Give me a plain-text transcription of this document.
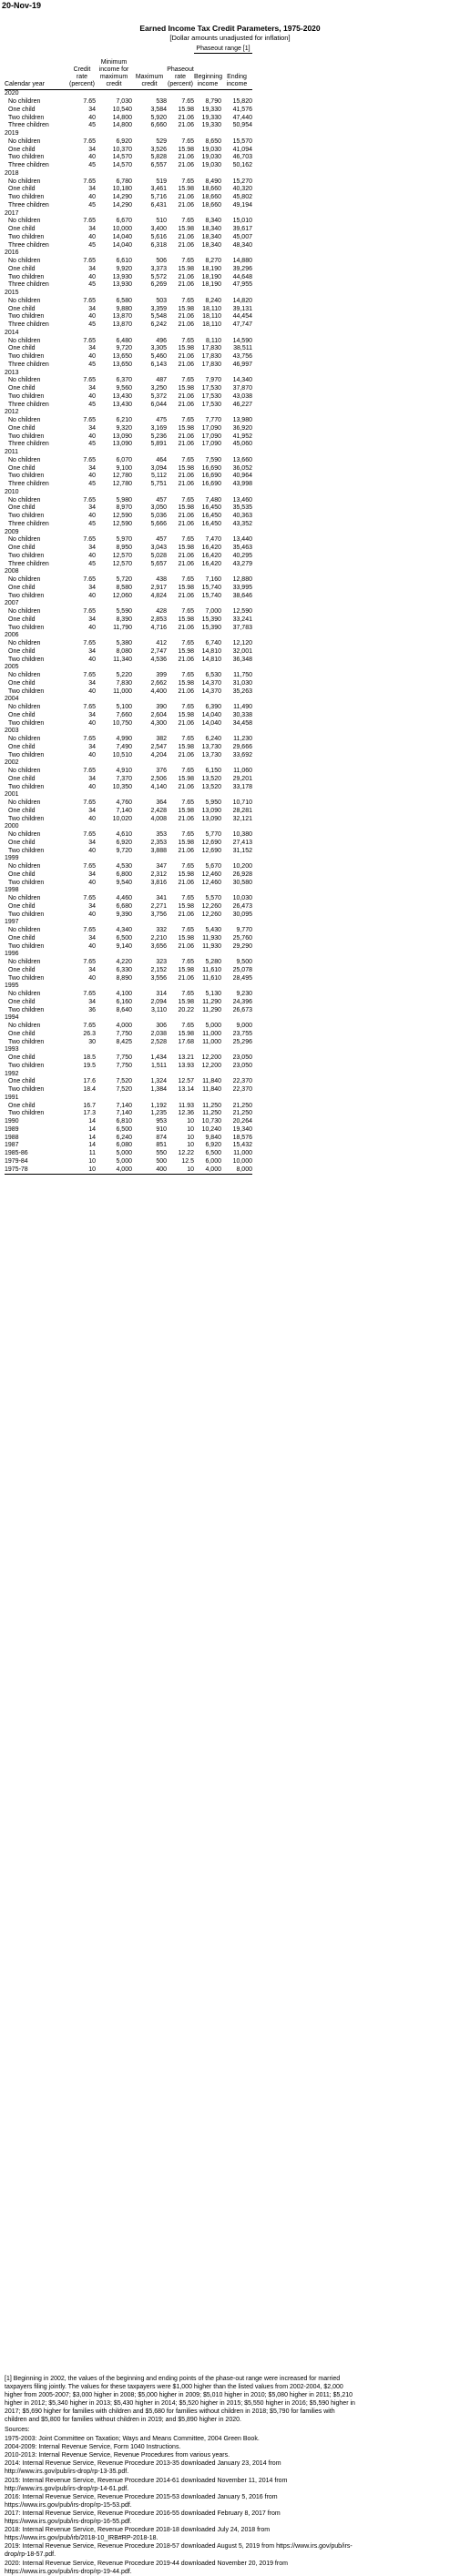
20-Nov-19
Earned Income Tax Credit Parameters, 1975-2020
[Dollar amounts unadjusted for inflation]
					Phaseout range [1]	
Calendar year	Credit rate (percent)	Minimum income for maximum credit	Maximum credit	Phaseout rate (percent)	Beginning income	Ending income
2020						
No children	7.65	7,030	538	7.65	8,790	15,820
One child	34	10,540	3,584	15.98	19,330	41,576
Two children	40	14,800	5,920	21.06	19,330	47,440
Three children	45	14,800	6,660	21.06	19,330	50,954
2019						
No children	7.65	6,920	529	7.65	8,650	15,570
One child	34	10,370	3,526	15.98	19,030	41,094
Two children	40	14,570	5,828	21.06	19,030	46,703
Three children	45	14,570	6,557	21.06	19,030	50,162
2018						
No children	7.65	6,780	519	7.65	8,490	15,270
One child	34	10,180	3,461	15.98	18,660	40,320
Two children	40	14,290	5,716	21.06	18,660	45,802
Three children	45	14,290	6,431	21.06	18,660	49,194
2017						
No children	7.65	6,670	510	7.65	8,340	15,010
One child	34	10,000	3,400	15.98	18,340	39,617
Two children	40	14,040	5,616	21.06	18,340	45,007
Three children	45	14,040	6,318	21.06	18,340	48,340
2016						
No children	7.65	6,610	506	7.65	8,270	14,880
One child	34	9,920	3,373	15.98	18,190	39,296
Two children	40	13,930	5,572	21.06	18,190	44,648
Three children	45	13,930	6,269	21.06	18,190	47,955
2015						
No children	7.65	6,580	503	7.65	8,240	14,820
One child	34	9,880	3,359	15.98	18,110	39,131
Two children	40	13,870	5,548	21.06	18,110	44,454
Three children	45	13,870	6,242	21.06	18,110	47,747
2014						
No children	7.65	6,480	496	7.65	8,110	14,590
One child	34	9,720	3,305	15.98	17,830	38,511
Two children	40	13,650	5,460	21.06	17,830	43,756
Three children	45	13,650	6,143	21.06	17,830	46,997
2013						
No children	7.65	6,370	487	7.65	7,970	14,340
One child	34	9,560	3,250	15.98	17,530	37,870
Two children	40	13,430	5,372	21.06	17,530	43,038
Three children	45	13,430	6,044	21.06	17,530	46,227
2012						
No children	7.65	6,210	475	7.65	7,770	13,980
One child	34	9,320	3,169	15.98	17,090	36,920
Two children	40	13,090	5,236	21.06	17,090	41,952
Three children	45	13,090	5,891	21.06	17,090	45,060
2011						
No children	7.65	6,070	464	7.65	7,590	13,660
One child	34	9,100	3,094	15.98	16,690	36,052
Two children	40	12,780	5,112	21.06	16,690	40,964
Three children	45	12,780	5,751	21.06	16,690	43,998
2010						
No children	7.65	5,980	457	7.65	7,480	13,460
One child	34	8,970	3,050	15.98	16,450	35,535
Two children	40	12,590	5,036	21.06	16,450	40,363
Three children	45	12,590	5,666	21.06	16,450	43,352
2009						
No children	7.65	5,970	457	7.65	7,470	13,440
One child	34	8,950	3,043	15.98	16,420	35,463
Two children	40	12,570	5,028	21.06	16,420	40,295
Three children	45	12,570	5,657	21.06	16,420	43,279
2008						
No children	7.65	5,720	438	7.65	7,160	12,880
One child	34	8,580	2,917	15.98	15,740	33,995
Two children	40	12,060	4,824	21.06	15,740	38,646
2007						
No children	7.65	5,590	428	7.65	7,000	12,590
One child	34	8,390	2,853	15.98	15,390	33,241
Two children	40	11,790	4,716	21.06	15,390	37,783
2006						
No children	7.65	5,380	412	7.65	6,740	12,120
One child	34	8,080	2,747	15.98	14,810	32,001
Two children	40	11,340	4,536	21.06	14,810	36,348
2005						
No children	7.65	5,220	399	7.65	6,530	11,750
One child	34	7,830	2,662	15.98	14,370	31,030
Two children	40	11,000	4,400	21.06	14,370	35,263
2004						
No children	7.65	5,100	390	7.65	6,390	11,490
One child	34	7,660	2,604	15.98	14,040	30,338
Two children	40	10,750	4,300	21.06	14,040	34,458
2003						
No children	7.65	4,990	382	7.65	6,240	11,230
One child	34	7,490	2,547	15.98	13,730	29,666
Two children	40	10,510	4,204	21.06	13,730	33,692
2002						
No children	7.65	4,910	376	7.65	6,150	11,060
One child	34	7,370	2,506	15.98	13,520	29,201
Two children	40	10,350	4,140	21.06	13,520	33,178
2001						
No children	7.65	4,760	364	7.65	5,950	10,710
One child	34	7,140	2,428	15.98	13,090	28,281
Two children	40	10,020	4,008	21.06	13,090	32,121
2000						
No children	7.65	4,610	353	7.65	5,770	10,380
One child	34	6,920	2,353	15.98	12,690	27,413
Two children	40	9,720	3,888	21.06	12,690	31,152
1999						
No children	7.65	4,530	347	7.65	5,670	10,200
One child	34	6,800	2,312	15.98	12,460	26,928
Two children	40	9,540	3,816	21.06	12,460	30,580
1998						
No children	7.65	4,460	341	7.65	5,570	10,030
One child	34	6,680	2,271	15.98	12,260	26,473
Two children	40	9,390	3,756	21.06	12,260	30,095
1997						
No children	7.65	4,340	332	7.65	5,430	9,770
One child	34	6,500	2,210	15.98	11,930	25,760
Two children	40	9,140	3,656	21.06	11,930	29,290
1996						
No children	7.65	4,220	323	7.65	5,280	9,500
One child	34	6,330	2,152	15.98	11,610	25,078
Two children	40	8,890	3,556	21.06	11,610	28,495
1995						
No children	7.65	4,100	314	7.65	5,130	9,230
One child	34	6,160	2,094	15.98	11,290	24,396
Two children	36	8,640	3,110	20.22	11,290	26,673
1994						
No children	7.65	4,000	306	7.65	5,000	9,000
One child	26.3	7,750	2,038	15.98	11,000	23,755
Two children	30	8,425	2,528	17.68	11,000	25,296
1993						
One child	18.5	7,750	1,434	13.21	12,200	23,050
Two children	19.5	7,750	1,511	13.93	12,200	23,050
1992						
One child	17.6	7,520	1,324	12.57	11,840	22,370
Two children	18.4	7,520	1,384	13.14	11,840	22,370
1991						
One child	16.7	7,140	1,192	11.93	11,250	21,250
Two children	17.3	7,140	1,235	12.36	11,250	21,250
1990	14	6,810	953	10	10,730	20,264
1989	14	6,500	910	10	10,240	19,340
1988	14	6,240	874	10	9,840	18,576
1987	14	6,080	851	10	6,920	15,432
1985-86	11	5,000	550	12.22	6,500	11,000
1979-84	10	5,000	500	12.5	6,000	10,000
1975-78	10	4,000	400	10	4,000	8,000

[1] Beginning in 2002, the values of the beginning and ending points of the phase-out range were increased for married taxpayers filing jointly. The values for these taxpayers were $1,000 higher than the listed values from 2002-2004, $2,000 higher from 2005-2007; $3,000 higher in 2008; $5,000 higher in 2009; $5,010 higher in 2010; $5,080 higher in 2011; $5,210 higher in 2012; $5,340 higher in 2013; $5,430 higher in 2014; $5,520 higher in 2015; $5,550 higher in 2016; $5,590 higher in 2017; $5,690 higher for families with children and $5,680 for families without children in 2018; $5,790 for families with children and $5,800 for families without children in 2019; and $5,890 higher in 2020.

Sources:

1975-2003: Joint Committee on Taxation; Ways and Means Committee, 2004 Green Book.

2004-2009: Internal Revenue Service, Form 1040 Instructions.

2010-2013: Internal Revenue Service, Revenue Procedures from various years.

2014: Internal Revenue Service, Revenue Procedure 2013-35 downloaded January 23, 2014 from http://www.irs.gov/pub/irs-drop/rp-13-35.pdf.

2015: Internal Revenue Service, Revenue Procedure 2014-61 downloaded November 11, 2014 from http://www.irs.gov/pub/irs-drop/rp-14-61.pdf.

2016: Internal Revenue Service, Revenue Procedure 2015-53 downloaded January 5, 2016 from https://www.irs.gov/pub/irs-drop/rp-15-53.pdf.

2017: Internal Revenue Service, Revenue Procedure 2016-55 downloaded February 8, 2017 from https://www.irs.gov/pub/irs-drop/rp-16-55.pdf.

2018: Internal Revenue Service, Revenue Procedure 2018-18 downloaded July 24, 2018 from https://www.irs.gov/pub/irb/2018-10_IRB#RP-2018-18.

2019: Internal Revenue Service, Revenue Procedure 2018-57 downloaded August 5, 2019 from https://www.irs.gov/pub/irs-drop/rp-18-57.pdf.

2020: Internal Revenue Service, Revenue Procedure 2019-44 downloaded November 20, 2019 from https://www.irs.gov/pub/irs-drop/rp-19-44.pdf.
